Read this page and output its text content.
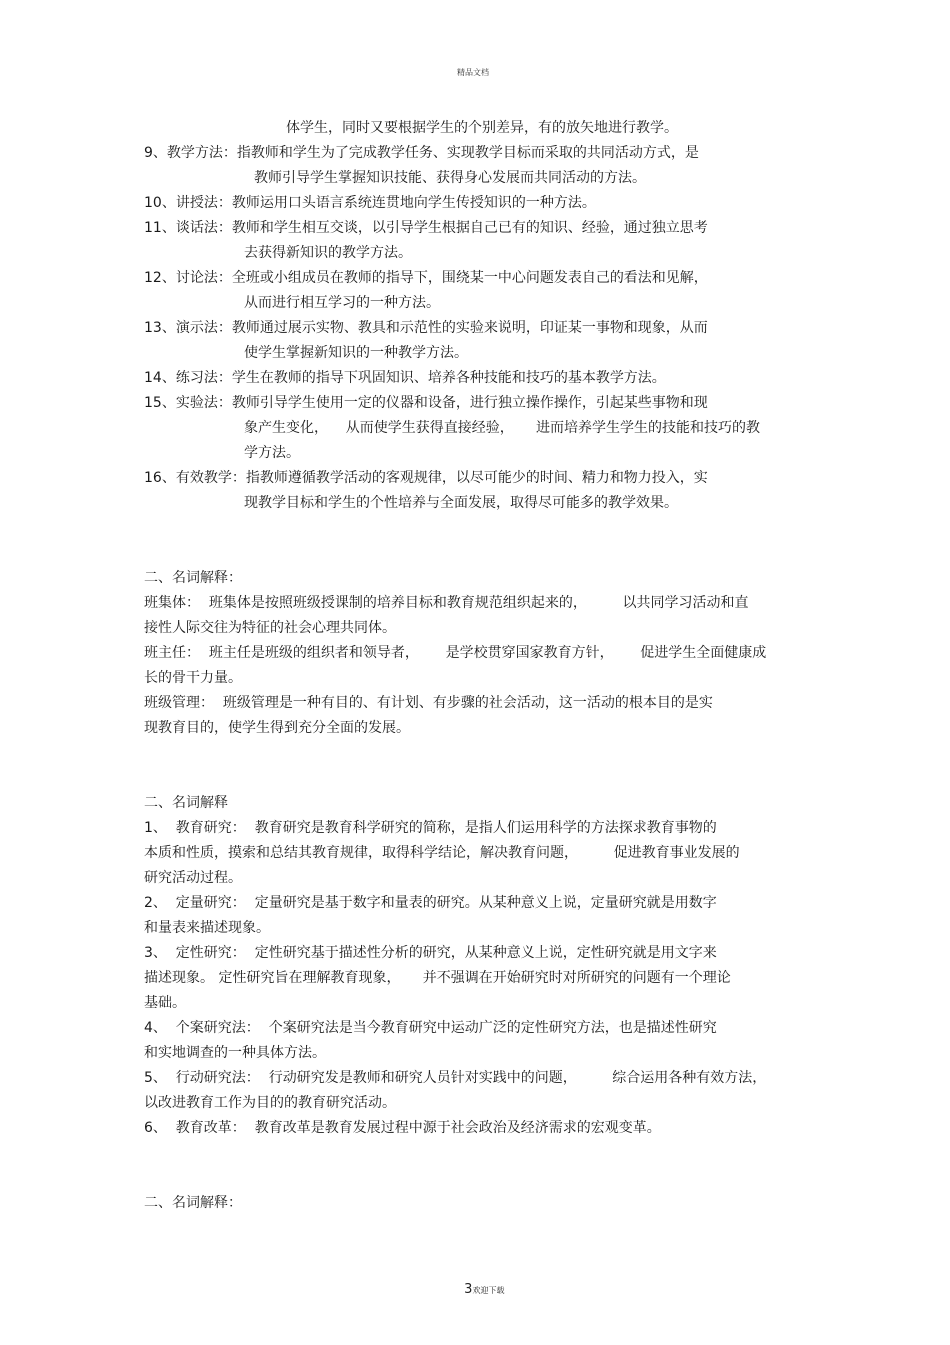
精品文档
体学生，同时又要根据学生的个别差异，有的放矢地进行教学。
9、教学方法：指教师和学生为了完成教学任务、实现教学目标而采取的共同活动方式，是
教师引导学生掌握知识技能、获得身心发展而共同活动的方法。
10、讲授法：教师运用口头语言系统连贯地向学生传授知识的一种方法。
11、谈话法：教师和学生相互交谈，以引导学生根据自己已有的知识、经验，通过独立思考
去获得新知识的教学方法。
12、讨论法：全班或小组成员在教师的指导下，围绕某一中心问题发表自己的看法和见解，
从而进行相互学习的一种方法。
13、演示法：教师通过展示实物、教具和示范性的实验来说明，印证某一事物和现象，从而
使学生掌握新知识的一种教学方法。
14、练习法：学生在教师的指导下巩固知识、培养各种技能和技巧的基本教学方法。
15、实验法：教师引导学生使用一定的仪器和设备，进行独立操作操作，引起某些事物和现
象产生变化，    从而使学生获得直接经验，     进而培养学生学生的技能和技巧的教
学方法。
16、有效教学：指教师遵循教学活动的客观规律，以尽可能少的时间、精力和物力投入，实
现教学目标和学生的个性培养与全面发展，取得尽可能多的教学效果。
二、名词解释：
班集体：  班集体是按照班级授课制的培养目标和教育规范组织起来的，        以共同学习活动和直
接性人际交往为特征的社会心理共同体。
班主任：  班主任是班级的组织者和领导者，      是学校贯穿国家教育方针，      促进学生全面健康成
长的骨干力量。
班级管理：  班级管理是一种有目的、有计划、有步骤的社会活动，这一活动的根本目的是实
现教育目的，使学生得到充分全面的发展。
二、名词解释
1、  教育研究：  教育研究是教育科学研究的简称，是指人们运用科学的方法探求教育事物的
本质和性质，摸索和总结其教育规律，取得科学结论，解决教育问题，        促进教育事业发展的
研究活动过程。
2、  定量研究：  定量研究是基于数字和量表的研究。从某种意义上说，定量研究就是用数字
和量表来描述现象。
3、  定性研究：  定性研究基于描述性分析的研究，从某种意义上说，定性研究就是用文字来
描述现象。 定性研究旨在理解教育现象，     并不强调在开始研究时对所研究的问题有一个理论
基础。
4、  个案研究法：  个案研究法是当今教育研究中运动广泛的定性研究方法，也是描述性研究
和实地调查的一种具体方法。
5、  行动研究法：  行动研究发是教师和研究人员针对实践中的问题，        综合运用各种有效方法，
以改进教育工作为目的的教育研究活动。
6、  教育改革：  教育改革是教育发展过程中源于社会政治及经济需求的宏观变革。
二、名词解释：

3欢迎下载
